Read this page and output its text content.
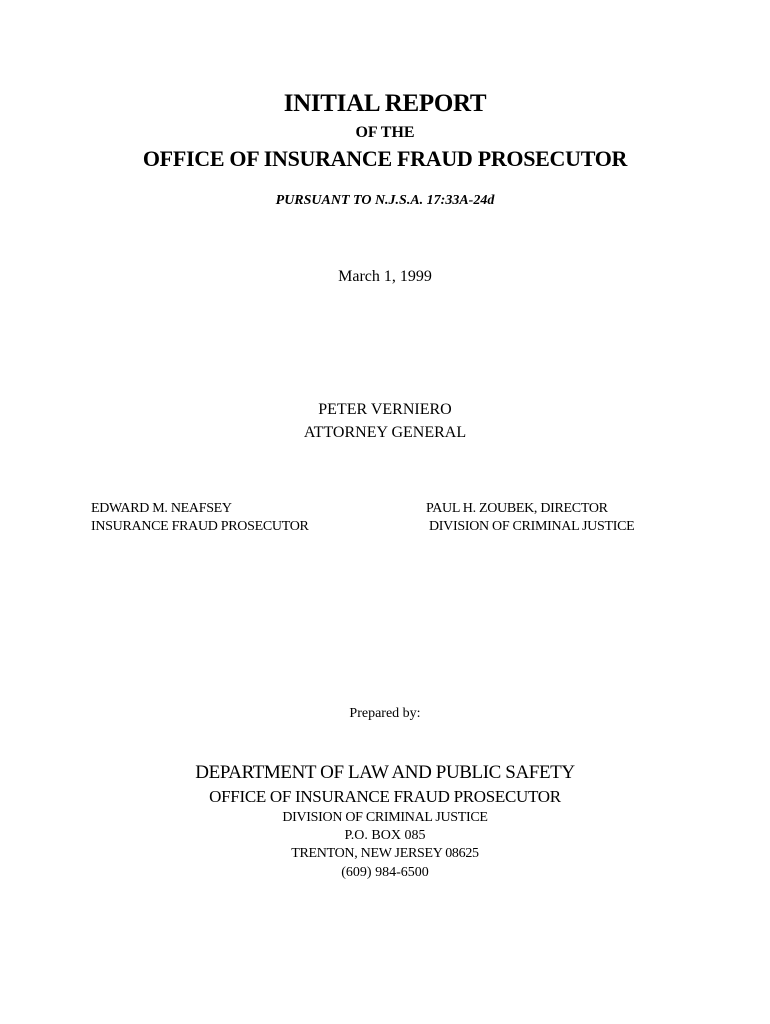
INITIAL REPORT
OF THE
OFFICE OF INSURANCE FRAUD PROSECUTOR
PURSUANT TO N.J.S.A. 17:33A-24d
March 1, 1999
PETER VERNIERO
ATTORNEY GENERAL
EDWARD M. NEAFSEY
INSURANCE FRAUD PROSECUTOR
PAUL H. ZOUBEK, DIRECTOR
DIVISION OF CRIMINAL JUSTICE
Prepared by:
DEPARTMENT OF LAW AND PUBLIC SAFETY
OFFICE OF INSURANCE FRAUD PROSECUTOR
DIVISION OF CRIMINAL JUSTICE
P.O. BOX 085
TRENTON, NEW JERSEY 08625
(609) 984-6500
